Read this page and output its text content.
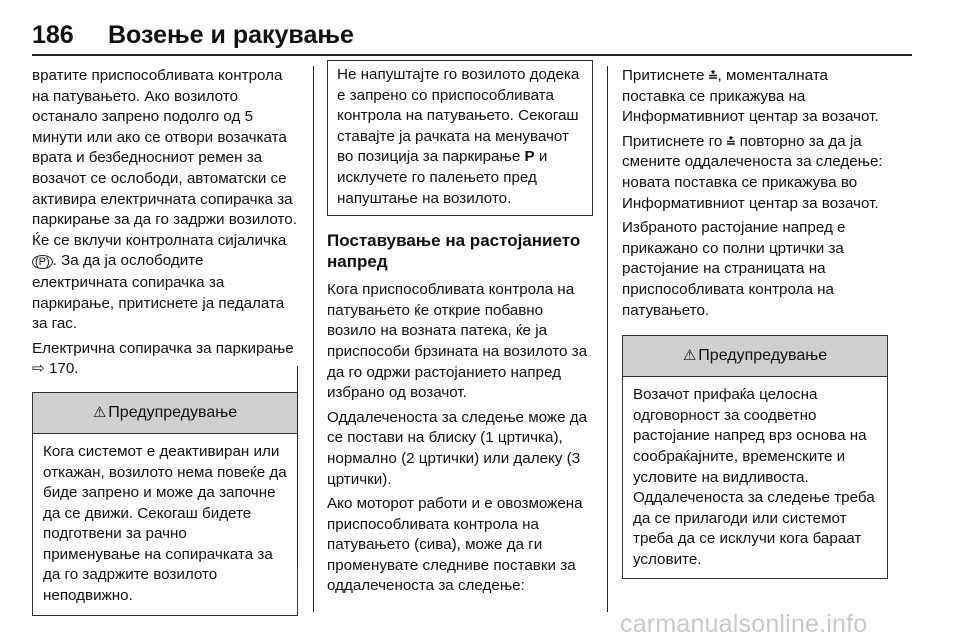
186	Возење и ракување

вратите приспособливата контрола на патувањето. Ако возилото останало запрено подолго од 5 минути или ако се отвори возачката врата и безбедносниот ремен за возачот се ослободи, автоматски се активира електричната сопирачка за паркирање за да го задржи возилото. Ќе се вклучи контролната сијаличка (P) . За да ја ослободите електричната сопирачка за паркирање, притиснете ја педалата за гас.

Електрична сопирачка за паркирање ⇨ 170.

⚠ Предупредување
Кога системот е деактивиран или откажан, возилото нема повеќе да биде запрено и може да започне да се движи. Секогаш бидете подготвени за рачно применување на сопирачката за да го задржите возилото неподвижно.
Не напуштајте го возилото додека е запрено со приспособливата контрола на патувањето. Секогаш ставајте ја рачката на менувачот во позиција за паркирање P и исклучете го палењето пред напуштање на возилото.
Поставување на растојанието напред

Кога приспособливата контрола на патувањето ќе открие побавно возило на возната патека, ќе ја приспособи брзината на возилото за да го одржи растојанието напред избрано од возачот.

Оддалеченоста за следење може да се постави на блиску (1 цртичка), нормално (2 цртички) или далеку (3 цртички).

Ако моторот работи и е овозможена приспособливата контрола на патувањето (сива), може да ги променувате следниве поставки за оддалеченоста за следење:

Притиснете ⩮, моменталната поставка се прикажува на Информативниот центар за возачот.

Притиснете го ⩮ повторно за да ја смените оддалеченоста за следење: новата поставка се прикажува во Информативниот центар за возачот.

Избраното растојание напред е прикажано со полни цртички за растојание на страницата на приспособливата контрола на патувањето.

⚠ Предупредување
Возачот прифаќа целосна одговорност за соодветно растојание напред врз основа на сообраќајните, временските и условите на видливоста. Оддалеченоста за следење треба да се прилагоди или системот треба да се исклучи кога бараат условите.
carmanualsonline.info
